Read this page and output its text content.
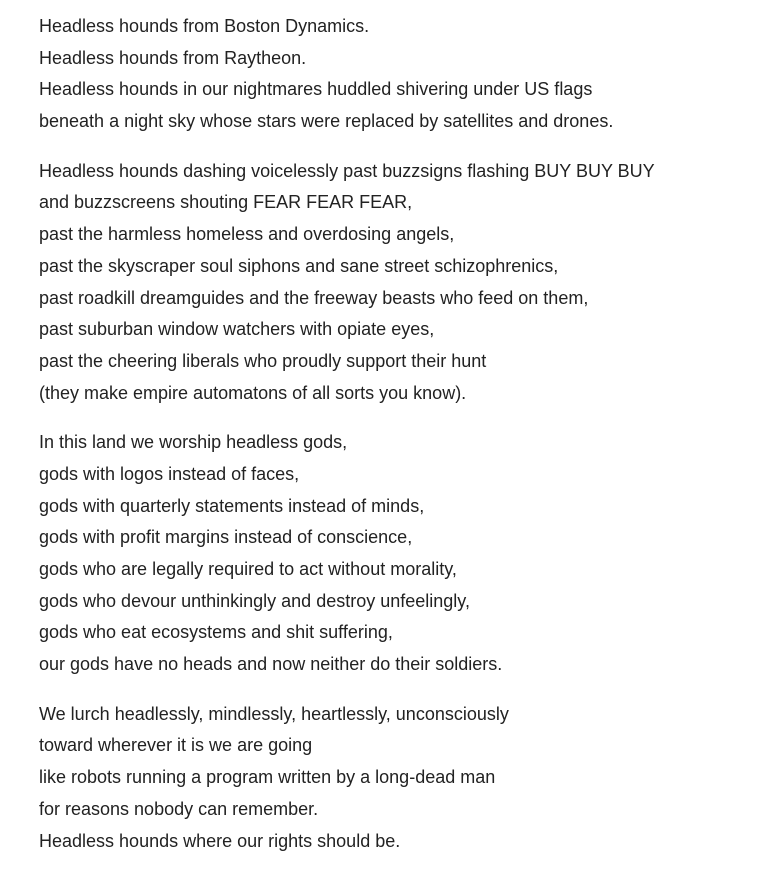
Headless hounds from Boston Dynamics.
Headless hounds from Raytheon.
Headless hounds in our nightmares huddled shivering under US flags
beneath a night sky whose stars were replaced by satellites and drones.
Headless hounds dashing voicelessly past buzzsigns flashing BUY BUY BUY
and buzzscreens shouting FEAR FEAR FEAR,
past the harmless homeless and overdosing angels,
past the skyscraper soul siphons and sane street schizophrenics,
past roadkill dreamguides and the freeway beasts who feed on them,
past suburban window watchers with opiate eyes,
past the cheering liberals who proudly support their hunt
(they make empire automatons of all sorts you know).
In this land we worship headless gods,
gods with logos instead of faces,
gods with quarterly statements instead of minds,
gods with profit margins instead of conscience,
gods who are legally required to act without morality,
gods who devour unthinkingly and destroy unfeelingly,
gods who eat ecosystems and shit suffering,
our gods have no heads and now neither do their soldiers.
We lurch headlessly, mindlessly, heartlessly, unconsciously
toward wherever it is we are going
like robots running a program written by a long-dead man
for reasons nobody can remember.
Headless hounds where our rights should be.
